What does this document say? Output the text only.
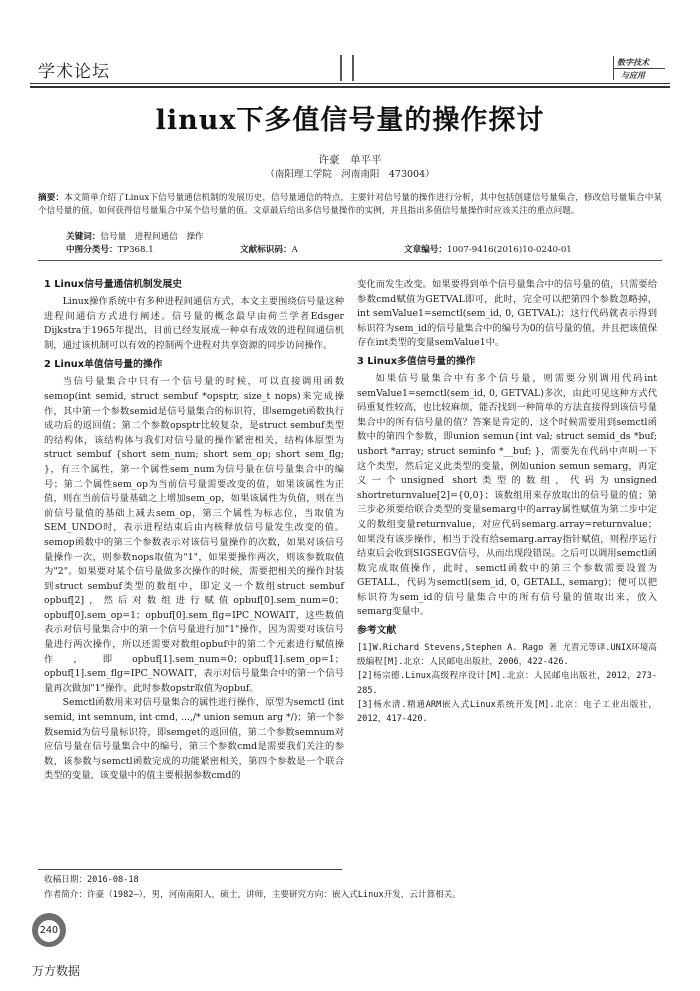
学术论坛	数字技术
与应用
linux下多值信号量的操作探讨
许豪　单平平
（南阳理工学院　河南南阳　473004）
摘要：本文简单介绍了Linux下信号量通信机制的发展历史，信号量通信的特点，主要针对信号量的操作进行分析，其中包括创建信号量集合，修改信号量集合中某个信号量的值，如何获得信号量集合中某个信号量的值。文章最后给出多信号量操作的实例，并且指出多值信号量操作时应该关注的重点问题。
关键词：信号量　进程间通信　操作
中图分类号：TP368.1	文献标识码：A	文章编号：1007-9416(2016)10-0240-01
1 Linux信号量通信机制发展史

Linux操作系统中有多种进程间通信方式，本文主要围绕信号量这种进程间通信方式进行阐述。信号量的概念最早由荷兰学者Edsger Dijkstra于1965年提出，目前已经发展成一种卓有成效的进程间通信机制，通过该机制可以有效的控制两个进程对共享资源的同步访问操作。

2 Linux单值信号量的操作

当信号量集合中只有一个信号量的时候，可以直接调用函数semop(int semid, struct sembuf *opsptr, size_t nops)来完成操作，其中第一个参数semid是信号量集合的标识符，即semget函数执行成功后的返回值；第二个参数opsptr比较复杂，是struct sembuf类型的结构体，该结构体与我们对信号量的操作紧密相关，结构体原型为struct sembuf {short sem_num; short sem_op; short sem_flg; }，有三个属性，第一个属性sem_num为信号量在信号量集合中的编号；第二个属性sem_op为当前信号量需要改变的值，如果该属性为正值，则在当前信号量基础之上增加sem_op，如果该属性为负值，则在当前信号量值的基础上减去sem_op，第三个属性为标志位，当取值为SEM_UNDO时，表示进程结束后由内核释放信号量发生改变的值。semop函数中的第三个参数表示对该信号量操作的次数，如果对该信号量操作一次，则参数nops取值为"1"，如果要操作两次，则该参数取值为"2"。如果要对某个信号量做多次操作的时候，需要把相关的操作封装到struct sembuf类型的数组中，即定义一个数组struct sembuf opbuf[2]，然后对数组进行赋值opbuf[0].sem_num=0；opbuf[0].sem_op=1；opbuf[0].sem_flg=IPC_NOWAIT，这些数值表示对信号量集合中的第一个信号量进行加"1"操作，因为需要对该信号量进行两次操作，所以还需要对数组opbuf中的第二个元素进行赋值操作，即opbuf[1].sem_num=0；opbuf[1].sem_op=1；opbuf[1].sem_flg=IPC_NOWAIT，表示对信号量集合中的第一个信号量再次做加"1"操作。此时参数opstr取值为opbuf。

Semctl函数用来对信号量集合的属性进行操作，原型为semctl (int semid, int semnum, int cmd, ...,/* union semun arg */)；第一个参数semid为信号量标识符，即semget的返回值，第二个参数semnum对应信号量在信号量集合中的编号，第三个参数cmd是需要我们关注的参数，该参数与semctl函数完成的功能紧密相关，第四个参数是一个联合类型的变量，该变量中的值主要根据参数cmd的

变化而发生改变。如果要得到单个信号量集合中的信号量的值，只需要给参数cmd赋值为GETVAL即可，此时，完全可以把第四个参数忽略掉，int semValue1=semctl(sem_id, 0, GETVAL)；这行代码就表示得到标识符为sem_id的信号量集合中的编号为0的信号量的值，并且把该值保存在int类型的变量semValue1中。

3 Linux多值信号量的操作

如果信号量集合中有多个信号量，则需要分别调用代码int semValue1=semctl(sem_id, 0, GETVAL)多次，由此可见这种方式代码重复性较高，也比较麻烦，能否找到一种简单的方法直接得到该信号量集合中的所有信号量的值？答案是肯定的，这个时候需要用到semctl函数中的第四个参数，即union semun{int val; struct semid_ds *buf; ushort *array; struct seminfo *__buf; }，需要先在代码中声明一下这个类型，然后定义此类型的变量，例如union semun semarg，再定义一个unsigned short类型的数组，代码为unsigned shortreturnvalue[2]={0,0}；该数组用来存放取出的信号量的值；第三步必须要给联合类型的变量semarg中的array属性赋值为第二步中定义的数组变量returnvalue，对应代码semarg.array=returnvalue；如果没有该步操作，相当于没有给semarg.array指针赋值，则程序运行结束后会收到SIGSEGV信号，从而出现段错误。之后可以调用semctl函数完成取值操作，此时，semctl函数中的第三个参数需要设置为GETALL，代码为semctl(sem_id, 0, GETALL, semarg)；便可以把标识符为sem_id的信号量集合中的所有信号量的值取出来，放入semarg变量中。

参考文献

[1]W.Richard Stevens,Stephen A. Rago 著 尤晋元等译.UNIX环境高级编程[M].北京：人民邮电出版社，2006，422-426.

[2]杨宗德.Linux高级程序设计[M].北京：人民邮电出版社，2012，273-285.

[3]杨水清.精通ARM嵌入式Linux系统开发[M].北京：电子工业出版社，2012，417-420.

收稿日期：2016-08-18
作者简介：许豪（1982—），男，河南南阳人，硕士，讲师，主要研究方向：嵌入式Linux开发，云计算相关。
240
万方数据
